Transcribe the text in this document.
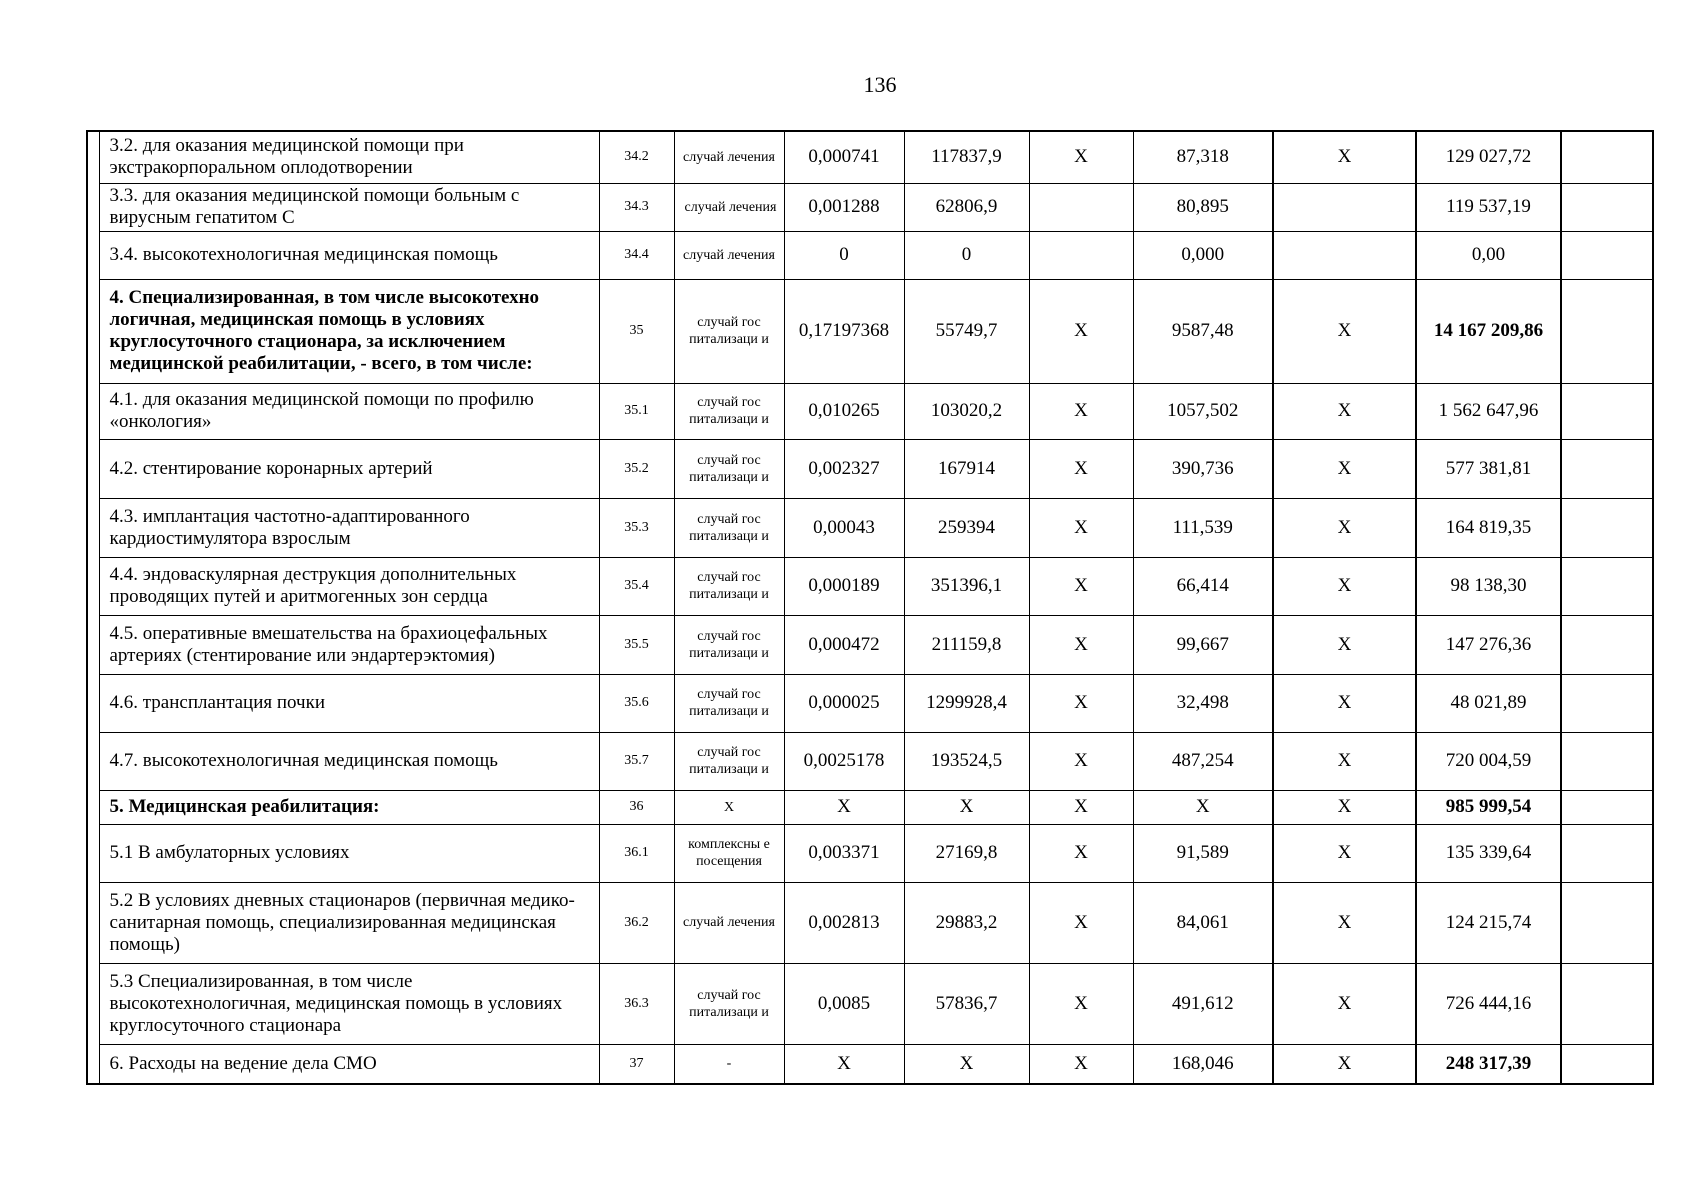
136
	3.2. для оказания медицинской помощи при экстракорпоральном оплодотворении	34.2	случай лечения	0,000741	117837,9	Х	87,318	Х	129 027,72	
	3.3. для оказания медицинской помощи больным с вирусным гепатитом С	34.3	случай лечения	0,001288	62806,9		80,895		119 537,19	
	3.4. высокотехнологичная медицинская помощь	34.4	случай лечения	0	0		0,000		0,00	
	4. Специализированная, в том числе высокотехно логичная, медицинская помощь в условиях круглосуточного стационара, за исключением медицинской реабилитации, - всего, в том числе:	35	случай гос питализаци и	0,17197368	55749,7	Х	9587,48	Х	14 167 209,86	
	4.1. для оказания медицинской помощи по профилю «онкология»	35.1	случай гос питализаци и	0,010265	103020,2	Х	1057,502	Х	1 562 647,96	
	4.2. стентирование коронарных артерий	35.2	случай гос питализаци и	0,002327	167914	Х	390,736	Х	577 381,81	
	4.3. имплантация частотно-адаптированного кардиостимулятора взрослым	35.3	случай гос питализаци и	0,00043	259394	Х	111,539	Х	164 819,35	
	4.4. эндоваскулярная деструкция дополнительных проводящих путей и аритмогенных зон сердца	35.4	случай гос питализаци и	0,000189	351396,1	Х	66,414	Х	98 138,30	
	4.5. оперативные вмешательства на брахиоцефальных артериях (стентирование или эндартерэктомия)	35.5	случай гос питализаци и	0,000472	211159,8	Х	99,667	Х	147 276,36	
	4.6. трансплантация почки	35.6	случай гос питализаци и	0,000025	1299928,4	Х	32,498	Х	48 021,89	
	4.7. высокотехнологичная медицинская помощь	35.7	случай гос питализаци и	0,0025178	193524,5	Х	487,254	Х	720 004,59	
	5. Медицинская реабилитация:	36	Х	Х	Х	Х	Х	Х	985 999,54	
	5.1 В амбулаторных условиях	36.1	комплексны е посещения	0,003371	27169,8	Х	91,589	Х	135 339,64	
	5.2 В условиях дневных стационаров (первичная медико-санитарная помощь, специализированная медицинская помощь)	36.2	случай лечения	0,002813	29883,2	Х	84,061	Х	124 215,74	
	5.3 Специализированная, в том числе высокотехнологичная, медицинская помощь в условиях круглосуточного стационара	36.3	случай гос питализаци и	0,0085	57836,7	Х	491,612	Х	726 444,16	
	6. Расходы на ведение дела СМО	37	-	Х	Х	Х	168,046	Х	248 317,39	
